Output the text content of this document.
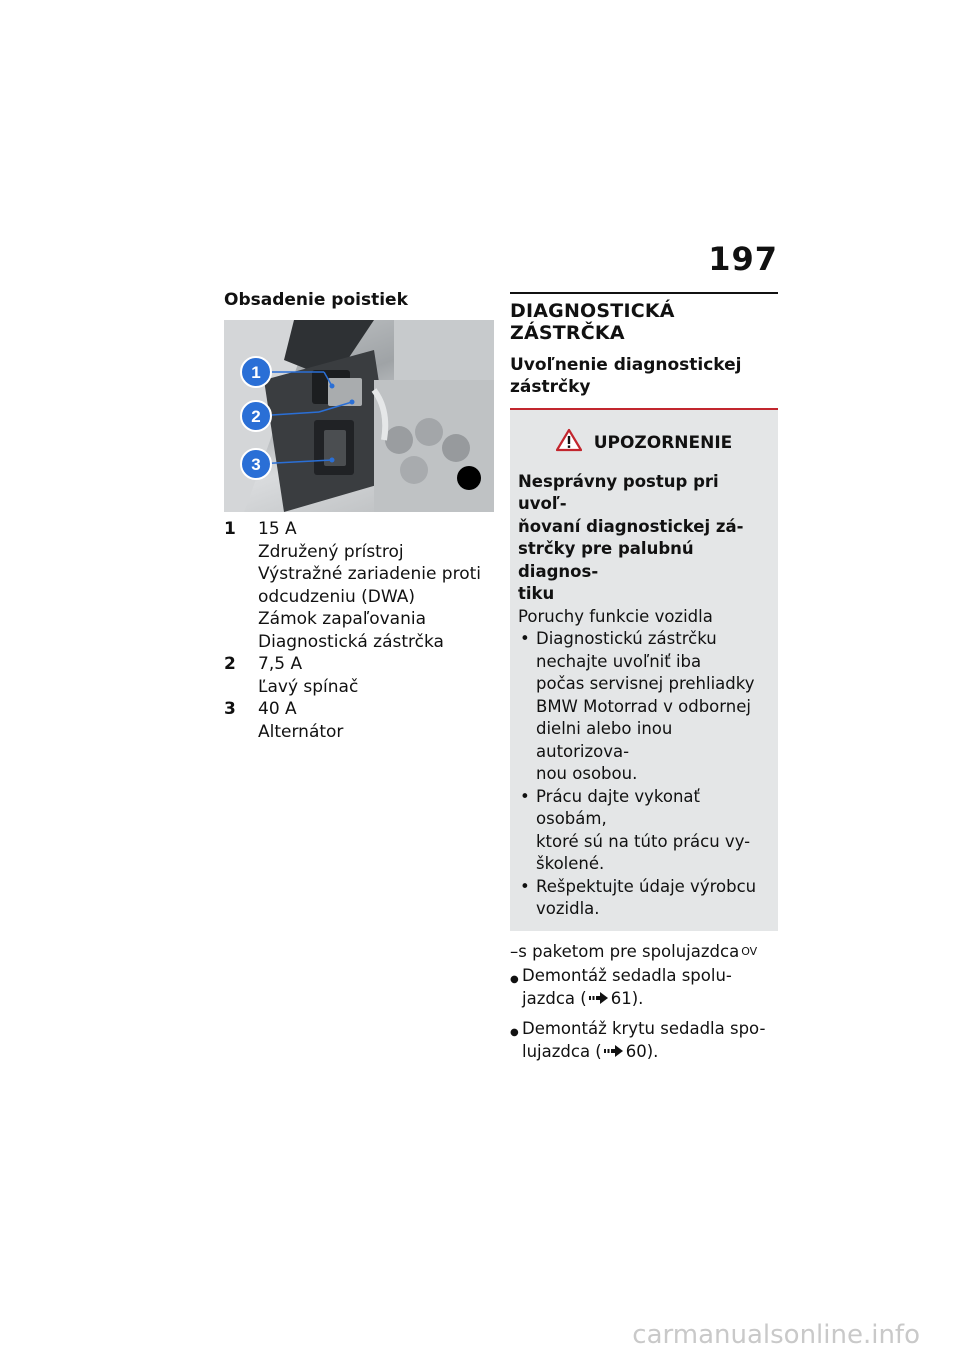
197
Obsadenie poistiek
1
2
3
1	15 A
Združený prístroj
Výstražné zariadenie proti
odcudzeniu (DWA)
Zámok zapaľovania
Diagnostická zástrčka
2	7,5 A
Ľavý spínač
3	40 A
Alternátor
DIAGNOSTICKÁ ZÁSTRČKA
Uvoľnenie diagnostickej
zástrčky
UPOZORNENIE
Nesprávny postup pri uvoľ-
ňovaní diagnostickej zá-
strčky pre palubnú diagnos-
tiku
Poruchy funkcie vozidla
• Diagnostickú zástrčku
nechajte uvoľniť iba
počas servisnej prehliadky
BMW Motorrad v odbornej
dielni alebo inou autorizova-
nou osobou.
• Prácu dajte vykonať osobám,
ktoré sú na túto prácu vy-
školené.
• Rešpektujte údaje výrobcu
vozidla.
– s paketom pre spolujazdca OV
● Demontáž sedadla spolu-
jazdca ( 61).
● Demontáž krytu sedadla spo-
lujazdca ( 60).
carmanualsonline.info
